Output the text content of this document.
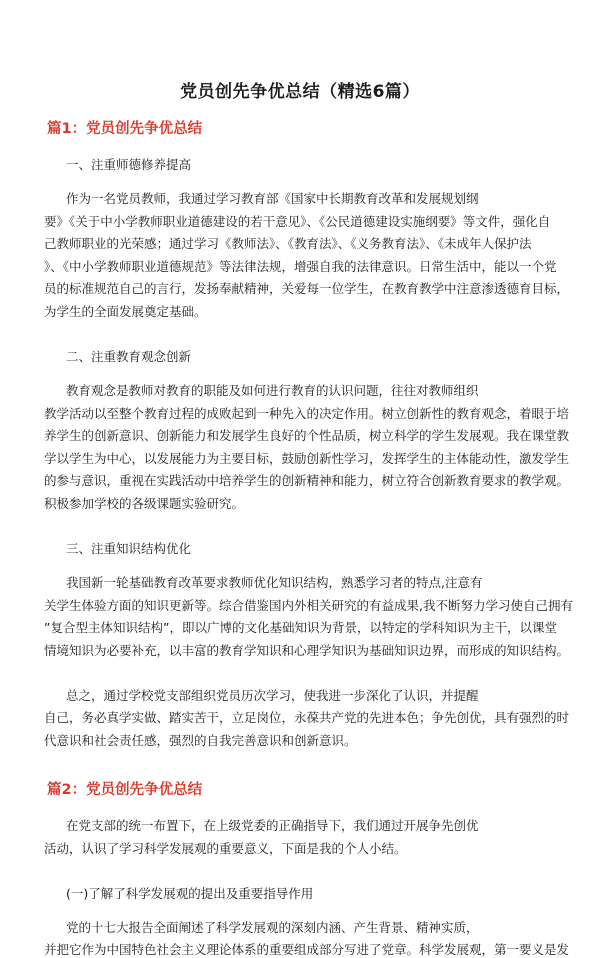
党员创先争优总结（精选6篇）
篇1：党员创先争优总结
一、注重师德修养提高
作为一名党员教师，我通过学习教育部《国家中长期教育改革和发展规划纲
要》《关于中小学教师职业道德建设的若干意见》、《公民道德建设实施纲要》等文件，强化自
己教师职业的光荣感；通过学习《教师法》、《教育法》、《义务教育法》、《未成年人保护法
》、《中小学教师职业道德规范》等法律法规，增强自我的法律意识。日常生活中，能以一个党
员的标准规范自己的言行，发扬奉献精神，关爱每一位学生，在教育教学中注意渗透德育目标，
为学生的全面发展奠定基础。
二、注重教育观念创新
教育观念是教师对教育的职能及如何进行教育的认识问题，往往对教师组织
教学活动以至整个教育过程的成败起到一种先入的决定作用。树立创新性的教育观念，着眼于培
养学生的创新意识、创新能力和发展学生良好的个性品质，树立科学的学生发展观。我在课堂教
学以学生为中心，以发展能力为主要目标，鼓励创新性学习，发挥学生的主体能动性，激发学生
的参与意识，重视在实践活动中培养学生的创新精神和能力，树立符合创新教育要求的教学观。
积极参加学校的各级课题实验研究。
三、注重知识结构优化
我国新一轮基础教育改革要求教师优化知识结构，熟悉学习者的特点,注意有
关学生体验方面的知识更新等。综合借鉴国内外相关研究的有益成果,我不断努力学习使自己拥有
”复合型主体知识结构”，即以广博的文化基础知识为背景，以特定的学科知识为主干，以课堂
情境知识为必要补充，以丰富的教育学知识和心理学知识为基础知识边界，而形成的知识结构。
总之，通过学校党支部组织党员历次学习，使我进一步深化了认识，并提醒
自己，务必真学实做、踏实苦干，立足岗位，永葆共产党的先进本色；争先创优，具有强烈的时
代意识和社会责任感，强烈的自我完善意识和创新意识。
篇2：党员创先争优总结
在党支部的统一布置下，在上级党委的正确指导下，我们通过开展争先创优
活动，认识了学习科学发展观的重要意义，下面是我的个人小结。
(一)了解了科学发展观的提出及重要指导作用
党的十七大报告全面阐述了科学发展观的深刻内涵、产生背景、精神实质，
并把它作为中国特色社会主义理论体系的重要组成部分写进了党章。科学发展观，第一要义是发
